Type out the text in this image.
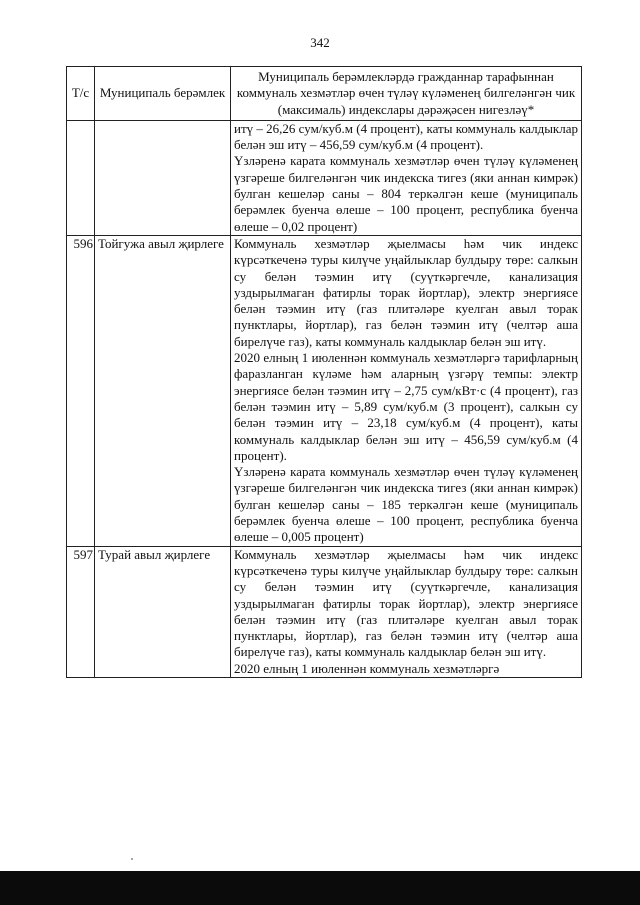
342
Т/с	Муниципаль берәмлек	Муниципаль берәмлекләрдә гражданнар тарафыннан коммуналь хезмәтләр өчен түләү күләменең билгеләнгән чик (максималь) индекслары дәрәҗәсен нигезләү*

		итү – 26,26 сум/куб.м (4 процент), каты коммуналь калдыклар белән эш итү – 456,59 сум/куб.м (4 процент).

Үзләренә карата коммуналь хезмәтләр өчен түләү күләменең үзгәреше билгеләнгән чик индекска тигез (яки аннан кимрәк) булган кешеләр саны – 804 теркәлгән кеше (муниципаль берәмлек буенча өлеше – 100 процент, республика буенча өлеше – 0,02 процент)

596	Тойгужа авыл җирлеге	Коммуналь хезмәтләр җыелмасы һәм чик индекс күрсәткеченә туры килүче уңайлыклар булдыру төре: салкын су белән тәэмин итү (суүткәргечле, канализация уздырылмаган фатирлы торак йортлар), электр энергиясе белән тәэмин итү (газ плитәләре куелган авыл торак пунктлары, йортлар), газ белән тәэмин итү (челтәр аша бирелүче газ), каты коммуналь калдыклар белән эш итү.

2020 елның 1 июленнән коммуналь хезмәтләргә тарифларның фаразланган күләме һәм аларның үзгәрү темпы: электр энергиясе белән тәэмин итү – 2,75 сум/кВт·с (4 процент), газ белән тәэмин итү – 5,89 сум/куб.м (3 процент), салкын су белән тәэмин итү – 23,18 сум/куб.м (4 процент), каты коммуналь калдыклар белән эш итү – 456,59 сум/куб.м (4 процент).

Үзләренә карата коммуналь хезмәтләр өчен түләү күләменең үзгәреше билгеләнгән чик индекска тигез (яки аннан кимрәк) булган кешеләр саны – 185 теркәлгән кеше (муниципаль берәмлек буенча өлеше – 100 процент, республика буенча өлеше – 0,005 процент)

597	Турай авыл җирлеге	Коммуналь хезмәтләр җыелмасы һәм чик индекс күрсәткеченә туры килүче уңайлыклар булдыру төре: салкын су белән тәэмин итү (суүткәргечле, канализация уздырылмаган фатирлы торак йортлар), электр энергиясе белән тәэмин итү (газ плитәләре куелган авыл торак пунктлары, йортлар), газ белән тәэмин итү (челтәр аша бирелүче газ), каты коммуналь калдыклар белән эш итү.

2020 елның 1 июленнән коммуналь хезмәтләргә
